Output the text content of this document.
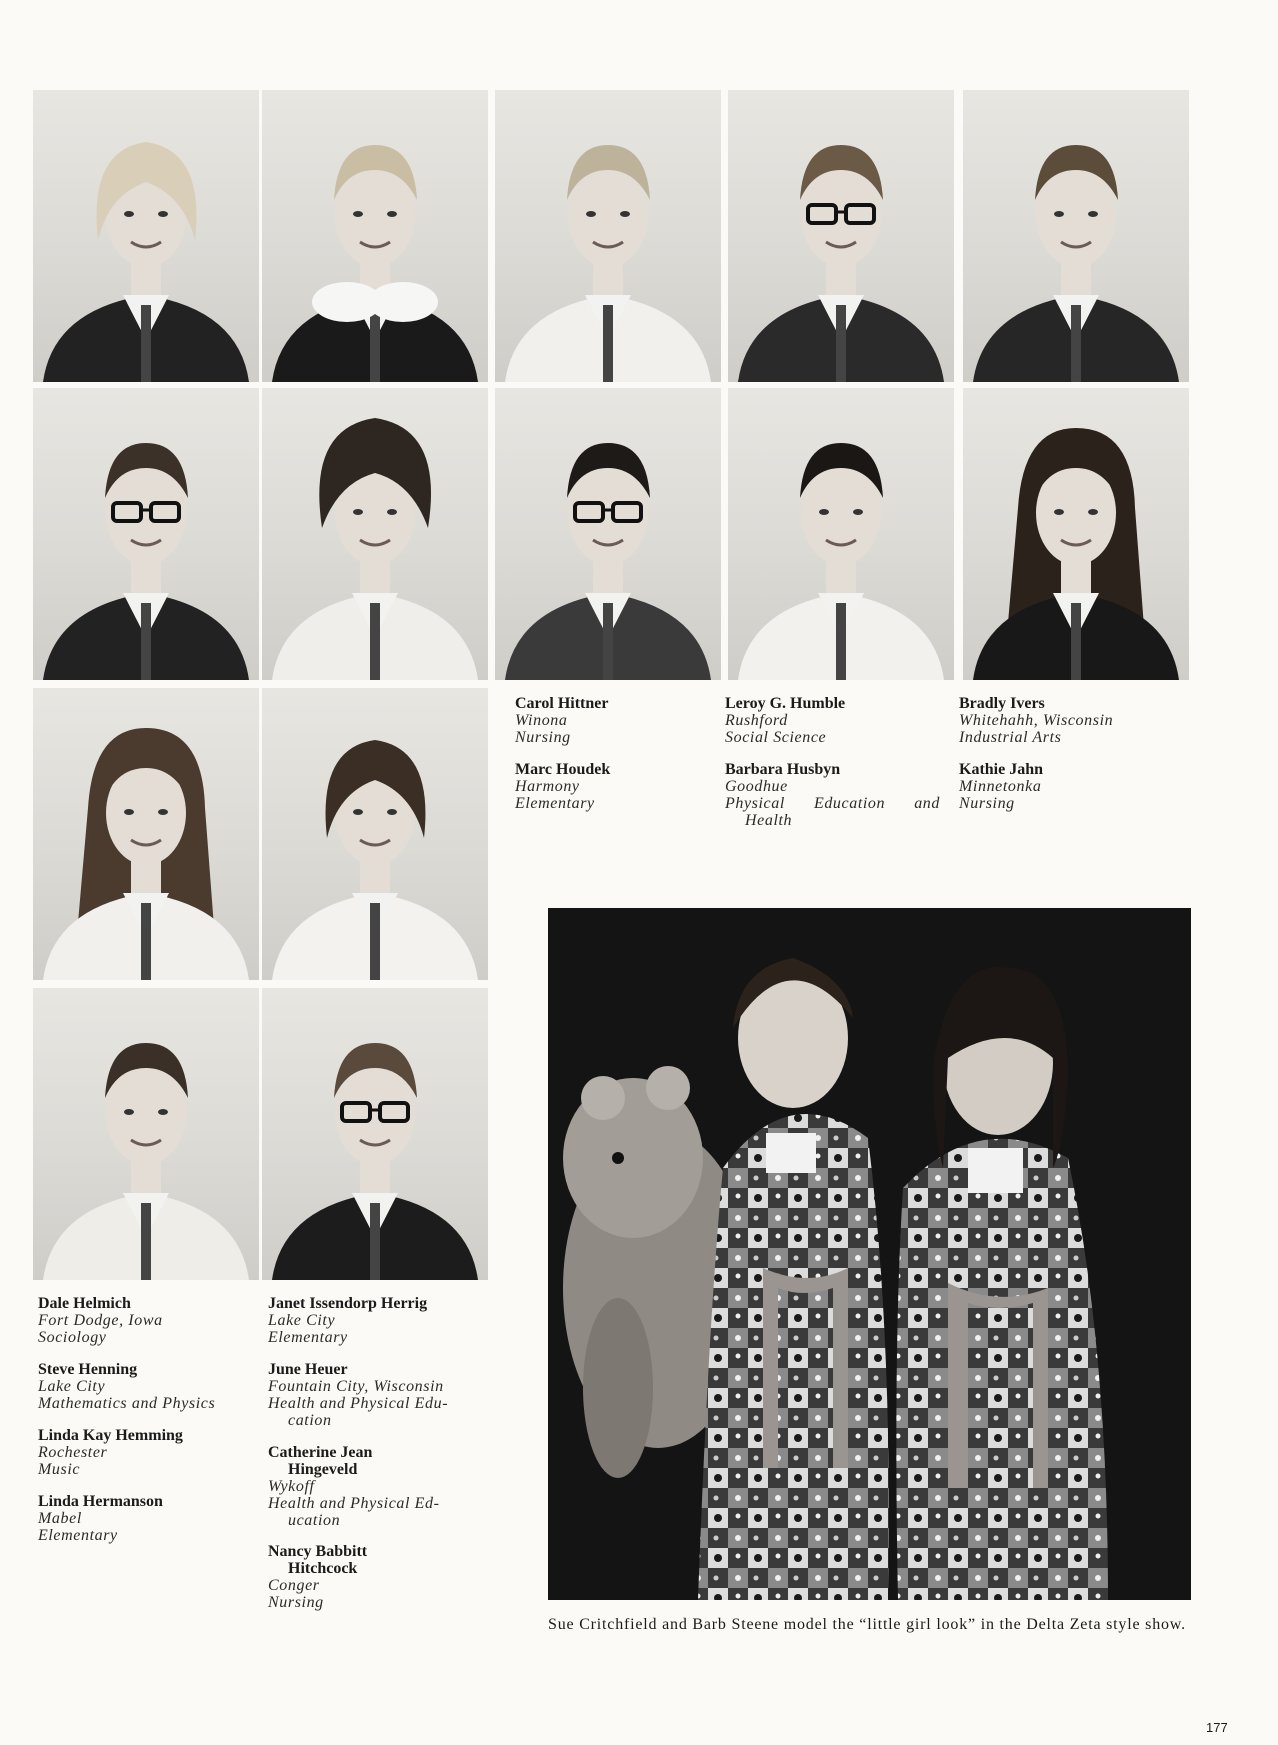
Carol Hittner
Winona
Nursing
Marc Houdek
Harmony
Elementary
Leroy G. Humble
Rushford
Social Science
Barbara Husbyn
Goodhue
Physical Education and Health
Bradly Ivers
Whitehahh, Wisconsin
Industrial Arts
Kathie Jahn
Minnetonka
Nursing
Dale Helmich
Fort Dodge, Iowa
Sociology
Steve Henning
Lake City
Mathematics and Physics
Linda Kay Hemming
Rochester
Music
Linda Hermanson
Mabel
Elementary
Janet Issendorp Herrig
Lake City
Elementary
June Heuer
Fountain City, Wisconsin
Health and Physical Edu-
cation
Catherine Jean
Hingeveld
Wykoff
Health and Physical Ed-
ucation
Nancy Babbitt
Hitchcock
Conger
Nursing
Sue Critchfield and Barb Steene model the “little girl look” in the Delta Zeta style show.
177
